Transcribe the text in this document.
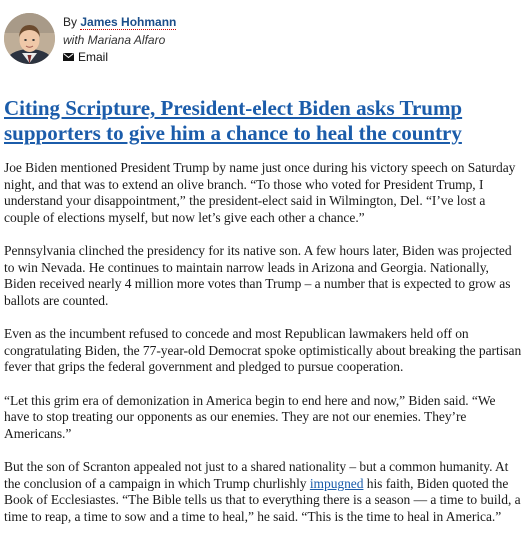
By James Hohmann
with Mariana Alfaro
Email
Citing Scripture, President-elect Biden asks Trump supporters to give him a chance to heal the country

Joe Biden mentioned President Trump by name just once during his victory speech on Saturday night, and that was to extend an olive branch. “To those who voted for President Trump, I understand your disappointment,” the president-elect said in Wilmington, Del. “I’ve lost a couple of elections myself, but now let’s give each other a chance.”

Pennsylvania clinched the presidency for its native son. A few hours later, Biden was projected to win Nevada. He continues to maintain narrow leads in Arizona and Georgia. Nationally, Biden received nearly 4 million more votes than Trump – a number that is expected to grow as ballots are counted.

Even as the incumbent refused to concede and most Republican lawmakers held off on congratulating Biden, the 77-year-old Democrat spoke optimistically about breaking the partisan fever that grips the federal government and pledged to pursue cooperation.

“Let this grim era of demonization in America begin to end here and now,” Biden said. “We have to stop treating our opponents as our enemies. They are not our enemies. They’re Americans.”

But the son of Scranton appealed not just to a shared nationality – but a common humanity. At the conclusion of a campaign in which Trump churlishly impugned his faith, Biden quoted the Book of Ecclesiastes. “The Bible tells us that to everything there is a season — a time to build, a time to reap, a time to sow and a time to heal,” he said. “This is the time to heal in America.”
